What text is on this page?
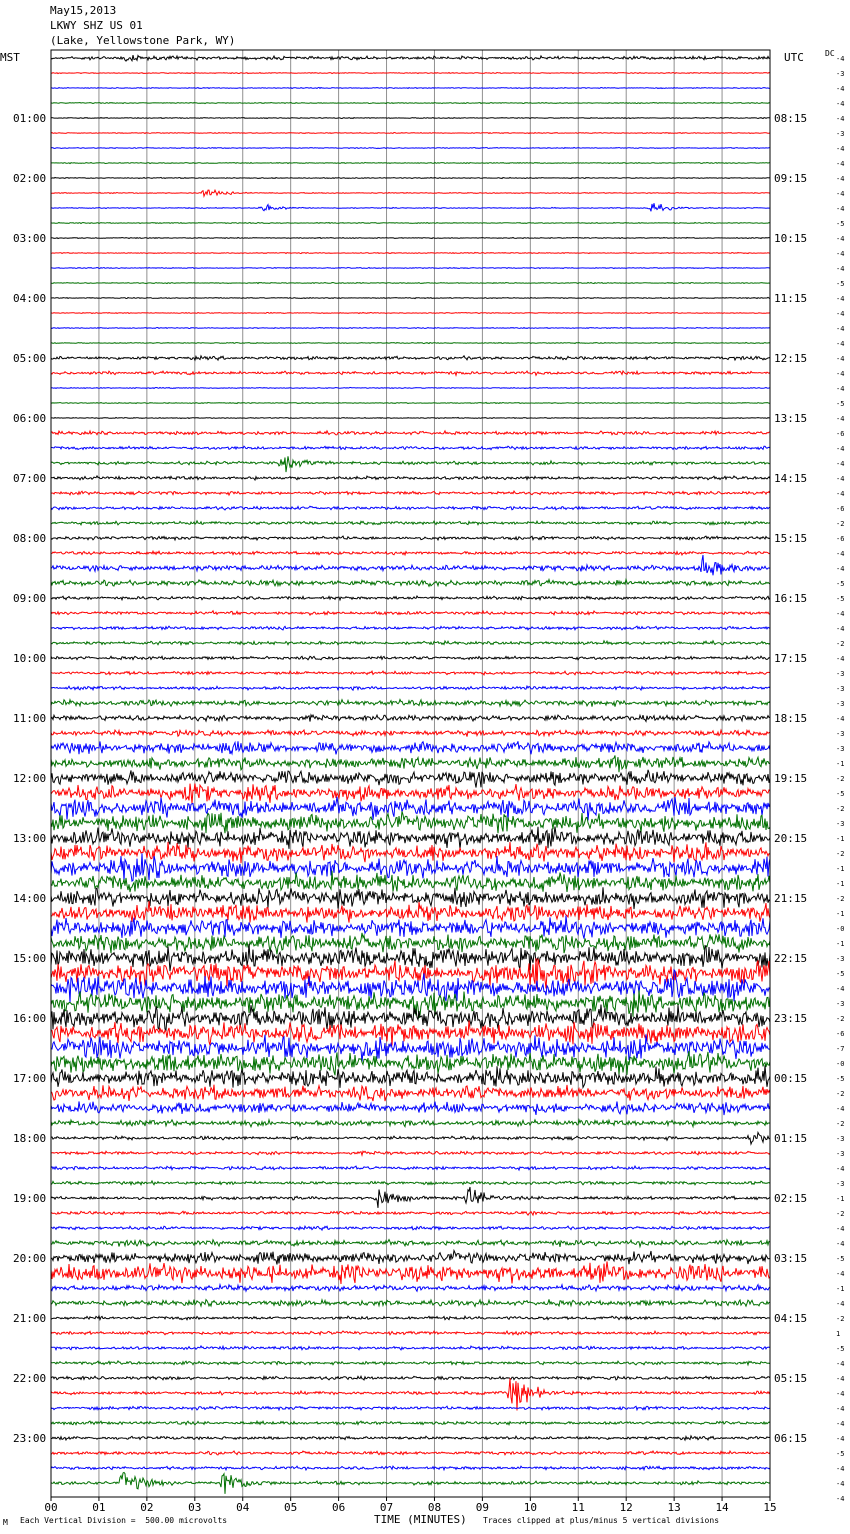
May15,2013
LKWY SHZ US 01
(Lake, Yellowstone Park, WY)
01:00
02:00
03:00
04:00
05:00
06:00
07:00
08:00
09:00
10:00
11:00
12:00
13:00
14:00
15:00
16:00
17:00
18:00
19:00
20:00
21:00
22:00
23:00
08:15
09:15
10:15
11:15
12:15
13:15
14:15
15:15
16:15
17:15
18:15
19:15
20:15
21:15
22:15
23:15
00:15
01:15
02:15
03:15
04:15
05:15
06:15
-4
-3
-4
-4
-4
-3
-4
-4
-4
-4
-4
-5
-4
-4
-4
-5
-4
-4
-4
-4
-4
-4
-4
-5
-4
-6
-4
-4
-4
-4
-6
-2
-6
-4
-4
-5
-5
-4
-4
-2
-4
-3
-3
-3
-4
-3
-3
-1
-2
-5
-2
-3
-1
-2
-1
-1
-2
-1
-0
-1
-3
-5
-4
-3
-2
-6
-7
-0
-5
-2
-4
-2
-3
-3
-4
-3
-1
-2
-4
-4
-5
-4
-1
-4
-2
1
-5
-4
-4
-4
-4
-4
-4
-5
-4
-4
-4
00	01	02	03	04	05	06	07	08	09	10	11	12	13	14	15
MST	UTC	DC
M Each Vertical Division =  500.00 microvolts	TIME (MINUTES) Traces clipped at plus/minus 5 vertical divisions
